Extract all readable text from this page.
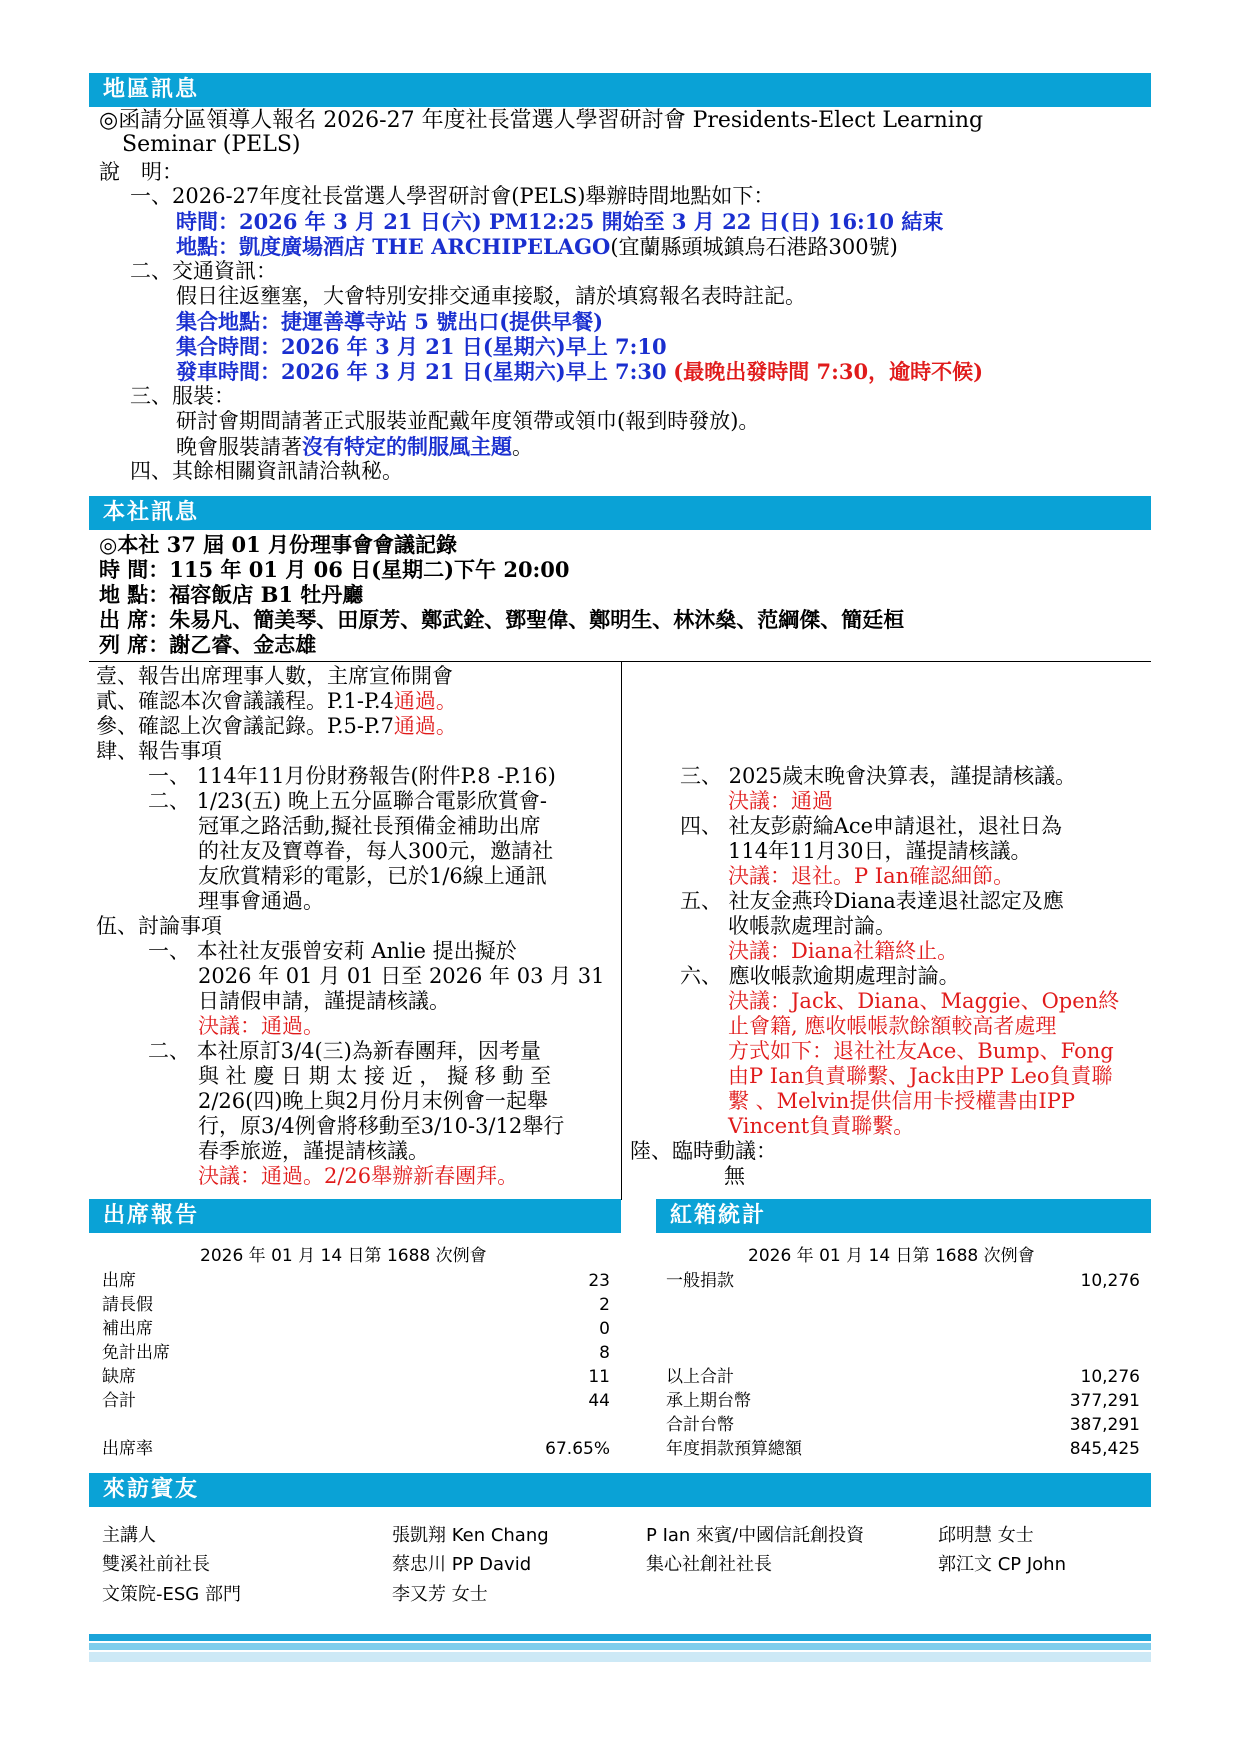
地區訊息
◎函請分區領導人報名 2026-27 年度社長當選人學習研討會 Presidents-Elect Learning
Seminar (PELS)
說　明：
一、2026-27年度社長當選人學習研討會(PELS)舉辦時間地點如下：
時間：2026 年 3 月 21 日(六) PM12:25 開始至 3 月 22 日(日) 16:10 結束
地點：凱度廣場酒店 THE ARCHIPELAGO(宜蘭縣頭城鎮烏石港路300號)
二、交通資訊：
假日往返壅塞，大會特別安排交通車接駁，請於填寫報名表時註記。
集合地點：捷運善導寺站 5 號出口(提供早餐)
集合時間：2026 年 3 月 21 日(星期六)早上 7:10
發車時間：2026 年 3 月 21 日(星期六)早上 7:30 (最晚出發時間 7:30，逾時不候)
三、服裝：
研討會期間請著正式服裝並配戴年度領帶或領巾(報到時發放)。
晚會服裝請著沒有特定的制服風主題。
四、其餘相關資訊請洽執秘。
本社訊息
◎本社 37 屆 01 月份理事會會議記錄
時 間：115 年 01 月 06 日(星期二)下午 20:00
地 點：福容飯店 B1 牡丹廳
出 席：朱易凡、簡美琴、田原芳、鄭武銓、鄧聖偉、鄭明生、林沐燊、范綱傑、簡廷桓
列 席：謝乙睿、金志雄
壹、報告出席理事人數，主席宣佈開會
貳、確認本次會議議程。P.1-P.4通過。
參、確認上次會議記錄。P.5-P.7通過。
肆、報告事項
一、 114年11月份財務報告(附件P.8 -P.16)
二、 1/23(五) 晚上五分區聯合電影欣賞會-
冠軍之路活動,擬社長預備金補助出席
的社友及寶尊眷，每人300元，邀請社
友欣賞精彩的電影，已於1/6線上通訊
理事會通過。
伍、討論事項
一、 本社社友張曾安莉 Anlie 提出擬於
2026 年 01 月 01 日至 2026 年 03 月 31
日請假申請，謹提請核議。
決議：通過。
二、 本社原訂3/4(三)為新春團拜，因考量
與 社 慶 日 期 太 接 近 ， 擬 移 動 至
2/26(四)晚上與2月份月末例會一起舉
行，原3/4例會將移動至3/10-3/12舉行
春季旅遊，謹提請核議。
決議：通過。2/26舉辦新春團拜。
三、 2025歲末晚會決算表，謹提請核議。
決議：通過
四、 社友彭蔚綸Ace申請退社，退社日為
114年11月30日，謹提請核議。
決議：退社。P Ian確認細節。
五、 社友金燕玲Diana表達退社認定及應
收帳款處理討論。
決議：Diana社籍終止。
六、 應收帳款逾期處理討論。
決議：Jack、Diana、Maggie、Open終
止會籍, 應收帳帳款餘額較高者處理
方式如下：退社社友Ace、Bump、Fong
由P Ian負責聯繫、Jack由PP Leo負責聯
繫 、Melvin提供信用卡授權書由IPP
Vincent負責聯繫。
陸、臨時動議：
無
出席報告	紅箱統計
2026 年 01 月 14 日第 1688 次例會
出席	23
請長假	2
補出席	0
免計出席	8
缺席	11
合計	44
出席率	67.65%
2026 年 01 月 14 日第 1688 次例會
一般捐款	10,276
以上合計	10,276
承上期台幣	377,291
合計台幣	387,291
年度捐款預算總額	845,425
來訪賓友
主講人	張凱翔 Ken Chang	P Ian 來賓/中國信託創投資	邱明慧 女士
雙溪社前社長	蔡忠川 PP David	集心社創社社長	郭江文 CP John
文策院-ESG 部門	李又芳 女士
